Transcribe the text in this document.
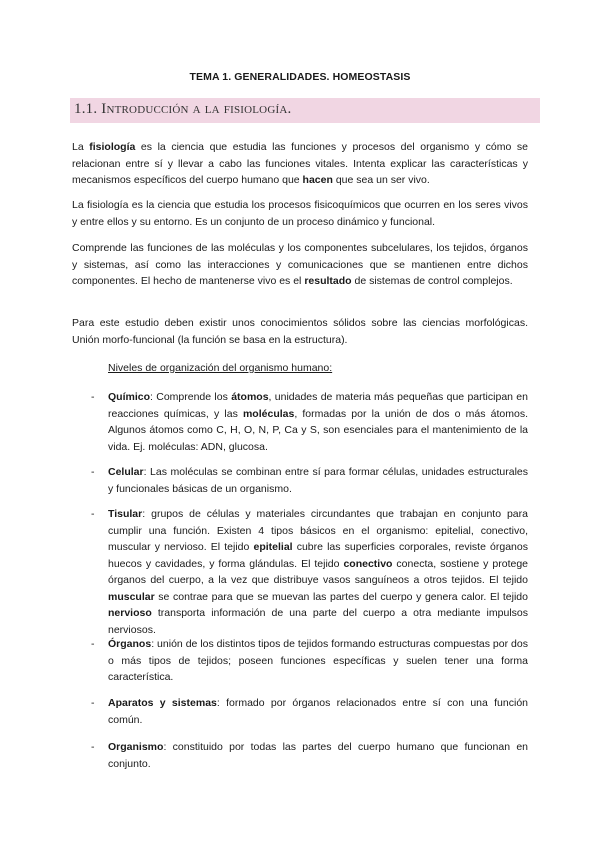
TEMA 1. GENERALIDADES. HOMEOSTASIS
1.1. Introducción a la fisiología.

La fisiología es la ciencia que estudia las funciones y procesos del organismo y cómo se relacionan entre sí y llevar a cabo las funciones vitales. Intenta explicar las características y mecanismos específicos del cuerpo humano que hacen que sea un ser vivo.

La fisiología es la ciencia que estudia los procesos fisicoquímicos que ocurren en los seres vivos y entre ellos y su entorno. Es un conjunto de un proceso dinámico y funcional.

Comprende las funciones de las moléculas y los componentes subcelulares, los tejidos, órganos y sistemas, así como las interacciones y comunicaciones que se mantienen entre dichos componentes. El hecho de mantenerse vivo es el resultado de sistemas de control complejos.

Para este estudio deben existir unos conocimientos sólidos sobre las ciencias morfológicas. Unión morfo-funcional (la función se basa en la estructura).

Niveles de organización del organismo humano:
- Químico: Comprende los átomos, unidades de materia más pequeñas que participan en reacciones químicas, y las moléculas, formadas por la unión de dos o más átomos. Algunos átomos como C, H, O, N, P, Ca y S, son esenciales para el mantenimiento de la vida. Ej. moléculas: ADN, glucosa.

- Celular: Las moléculas se combinan entre sí para formar células, unidades estructurales y funcionales básicas de un organismo.

- Tisular: grupos de células y materiales circundantes que trabajan en conjunto para cumplir una función. Existen 4 tipos básicos en el organismo: epitelial, conectivo, muscular y nervioso. El tejido epitelial cubre las superficies corporales, reviste órganos huecos y cavidades, y forma glándulas. El tejido conectivo conecta, sostiene y protege órganos del cuerpo, a la vez que distribuye vasos sanguíneos a otros tejidos. El tejido muscular se contrae para que se muevan las partes del cuerpo y genera calor. El tejido nervioso transporta información de una parte del cuerpo a otra mediante impulsos nerviosos.

- Órganos: unión de los distintos tipos de tejidos formando estructuras compuestas por dos o más tipos de tejidos; poseen funciones específicas y suelen tener una forma característica.

- Aparatos y sistemas: formado por órganos relacionados entre sí con una función común.

- Organismo: constituido por todas las partes del cuerpo humano que funcionan en conjunto.
